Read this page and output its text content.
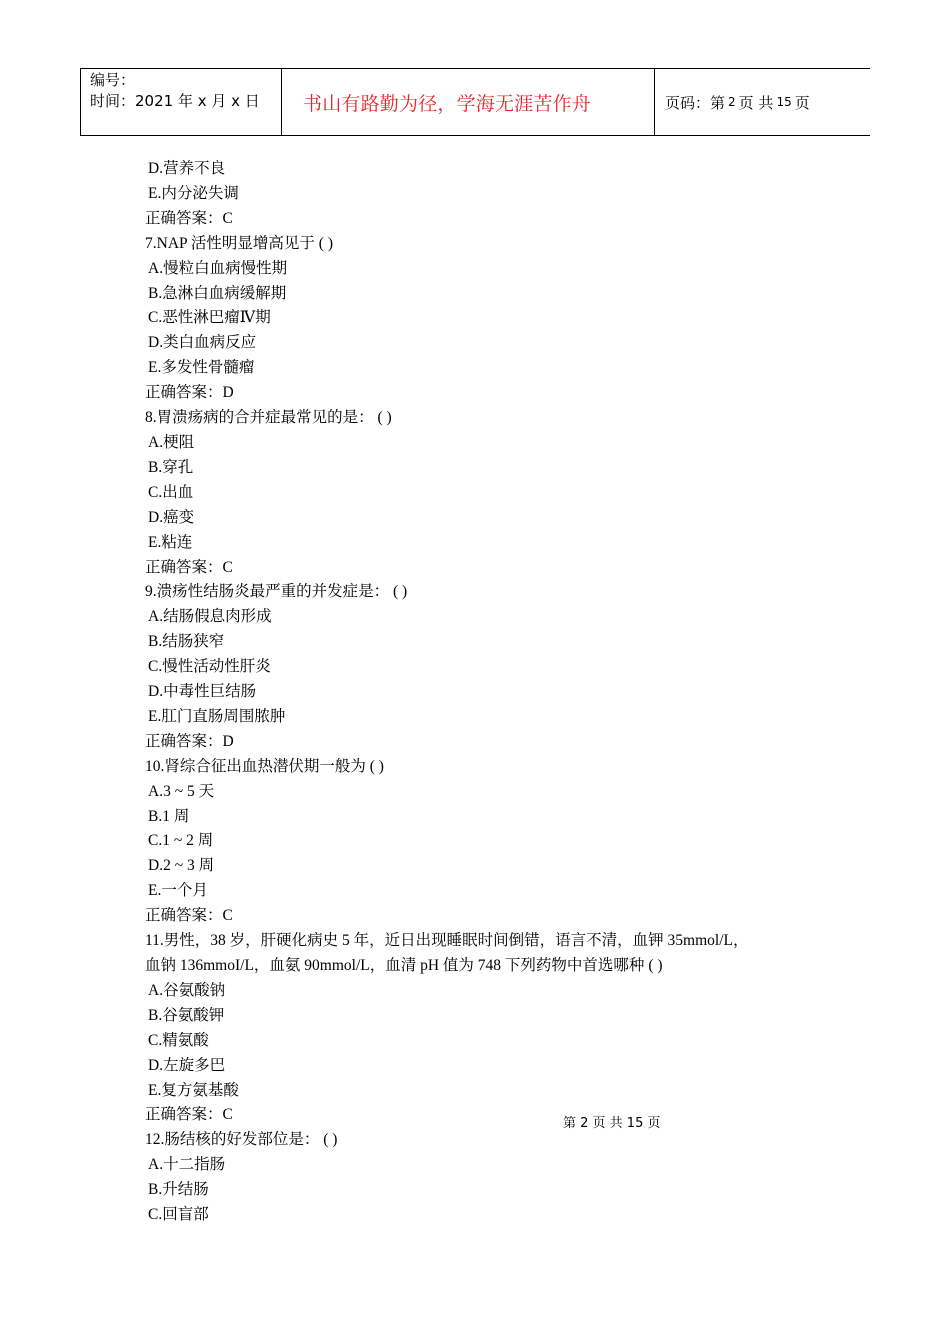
编号：
时间：2021 年 x 月 x 日	书山有路勤为径，学海无涯苦作舟	页码：第 2 页 共 15 页
D.营养不良
E.内分泌失调
正确答案：C
7.NAP 活性明显增高见于 ( )
A.慢粒白血病慢性期
B.急淋白血病缓解期
C.恶性淋巴瘤Ⅳ期
D.类白血病反应
E.多发性骨髓瘤
正确答案：D
8.胃溃疡病的合并症最常见的是： ( )
A.梗阻
B.穿孔
C.出血
D.癌变
E.粘连
正确答案：C
9.溃疡性结肠炎最严重的并发症是： ( )
A.结肠假息肉形成
B.结肠狭窄
C.慢性活动性肝炎
D.中毒性巨结肠
E.肛门直肠周围脓肿
正确答案：D
10.肾综合征出血热潜伏期一般为 ( )
A.3 ~ 5 天
B.1 周
C.1 ~ 2 周
D.2 ~ 3 周
E.一个月
正确答案：C
11.男性，38 岁，肝硬化病史 5 年，近日出现睡眠时间倒错，语言不清，血钾 35mmol/L，
血钠 136mmoI/L，血氨 90mmol/L，血清 pH 值为 748 下列药物中首选哪种 ( )
A.谷氨酸钠
B.谷氨酸钾
C.精氨酸
D.左旋多巴
E.复方氨基酸
正确答案：C
12.肠结核的好发部位是： ( )
A.十二指肠
B.升结肠
C.回盲部
第 2 页 共 15 页
